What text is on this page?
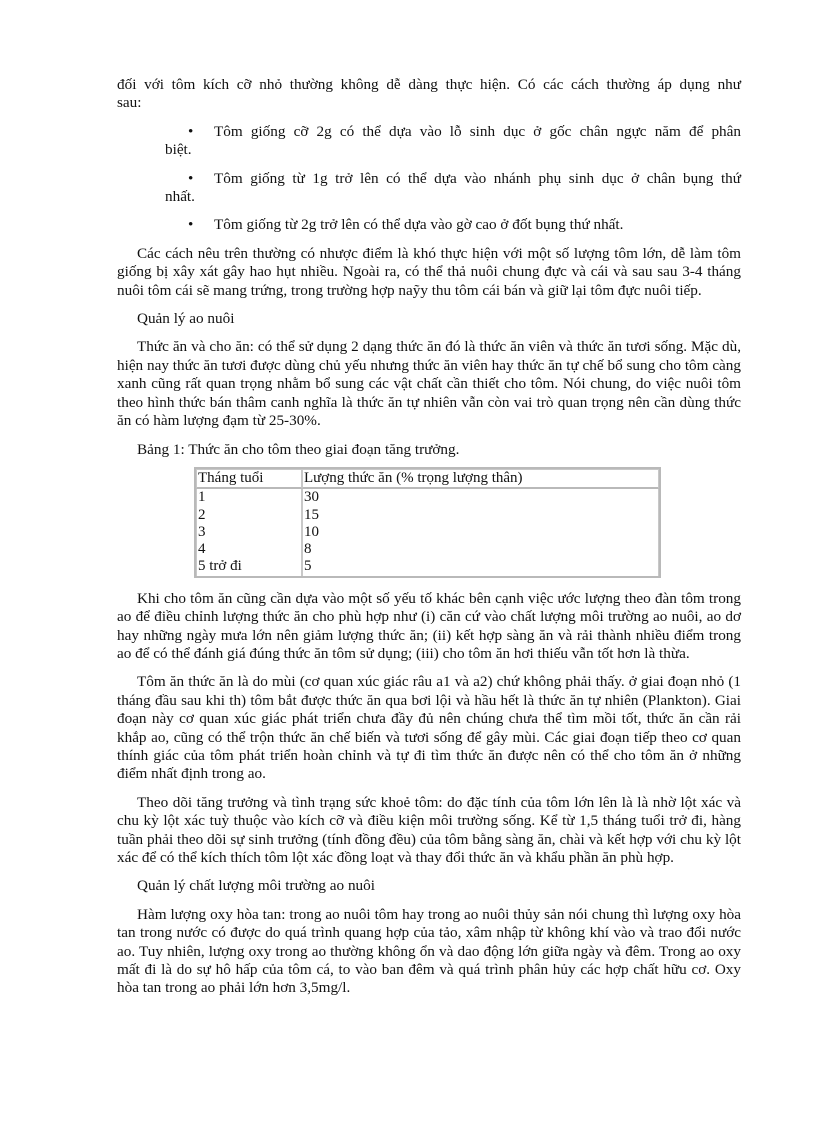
đối với tôm kích cỡ nhỏ thường không dễ dàng thực hiện. Có các cách thường áp dụng như
sau:

•	Tôm giống cỡ 2g có thể dựa vào lỗ sinh dục ở gốc chân ngực năm để phân
biệt.
•	Tôm giống từ 1g trở lên có thể dựa vào nhánh phụ sinh dục ở chân bụng thứ
nhất.
•	Tôm giống từ 2g trở lên có thể dựa vào gờ cao ở đốt bụng thứ nhất.

Các cách nêu trên thường có nhược điểm là khó thực hiện với một số lượng tôm lớn, dễ làm tôm giống bị xây xát gây hao hụt nhiều. Ngoài ra, có thể thả nuôi chung đực và cái và sau sau 3-4 tháng nuôi tôm cái sẽ mang trứng, trong trường hợp naỹy thu tôm cái bán và giữ lại tôm đực nuôi tiếp.

Quản lý ao nuôi

Thức ăn và cho ăn: có thể sử dụng 2 dạng thức ăn đó là thức ăn viên và thức ăn tươi sống. Mặc dù, hiện nay thức ăn tươi được dùng chủ yếu nhưng thức ăn viên hay thức ăn tự chế bổ sung cho tôm càng xanh cũng rất quan trọng nhằm bổ sung các vật chất cần thiết cho tôm. Nói chung, do việc nuôi tôm theo hình thức bán thâm canh nghĩa là thức ăn tự nhiên vẫn còn vai trò quan trọng nên cần dùng thức ăn có hàm lượng đạm từ 25-30%.

Bảng 1: Thức ăn cho tôm theo giai đoạn tăng trưởng.

Tháng tuổi	Lượng thức ăn (% trọng lượng thân)
1	30
2	15
3	10
4	8
5 trở đi	5

Khi cho tôm ăn cũng cần dựa vào một số yếu tố khác bên cạnh việc ước lượng theo đàn tôm trong ao để điều chỉnh lượng thức ăn cho phù hợp như (i) căn cứ vào chất lượng môi trường ao nuôi, ao dơ hay những ngày mưa lớn nên giảm lượng thức ăn; (ii) kết hợp sàng ăn và rải thành nhiều điểm trong ao để có thể đánh giá đúng thức ăn tôm sử dụng; (iii) cho tôm ăn hơi thiếu vẫn tốt hơn là thừa.

Tôm ăn thức ăn là do mùi (cơ quan xúc giác râu a1 và a2) chứ không phải thấy. ở giai đoạn nhỏ (1 tháng đầu sau khi th) tôm bắt được thức ăn qua bơi lội và hầu hết là thức ăn tự nhiên (Plankton). Giai đoạn này cơ quan xúc giác phát triển chưa đầy đủ nên chúng chưa thể tìm mồi tốt, thức ăn cần rải khắp ao, cũng có thể trộn thức ăn chế biến và tươi sống để gây mùi. Các giai đoạn tiếp theo cơ quan thính giác của tôm phát triển hoàn chỉnh và tự đi tìm thức ăn được nên có thể cho tôm ăn ở những điểm nhất định trong ao.

Theo dõi tăng trưởng và tình trạng sức khoẻ tôm: do đặc tính của tôm lớn lên là là nhờ lột xác và chu kỳ lột xác tuỳ thuộc vào kích cỡ và điều kiện môi trường sống. Kể từ 1,5 tháng tuổi trở đi, hàng tuần phải theo dõi sự sinh trưởng (tính đồng đều) của tôm bằng sàng ăn, chài và kết hợp với chu kỳ lột xác để có thể kích thích tôm lột xác đồng loạt và thay đổi thức ăn và khẩu phần ăn phù hợp.

Quản lý chất lượng môi trường ao nuôi

Hàm lượng oxy hòa tan: trong ao nuôi tôm hay trong ao nuôi thủy sản nói chung thì lượng oxy hòa tan trong nước có được do quá trình quang hợp của tảo, xâm nhập từ không khí vào và trao đổi nước ao. Tuy nhiên, lượng oxy trong ao thường không ổn và dao động lớn giữa ngày và đêm. Trong ao oxy mất đi là do sự hô hấp của tôm cá, to vào ban đêm và quá trình phân hủy các hợp chất hữu cơ. Oxy hòa tan trong ao phải lớn hơn 3,5mg/l.
